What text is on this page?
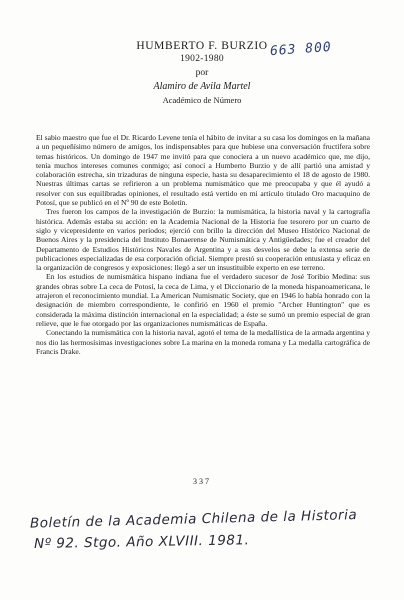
HUMBERTO F. BURZIO
1902-1980
por
Alamiro de Avila Martel
Académico de Número
663 800

El sabio maestro que fue el Dr. Ricardo Levene tenía el hábito de invitar a su casa los domingos en la mañana a un pequeñísimo número de amigos, los indispensables para que hubiese una conversación fructífera sobre temas históricos. Un domingo de 1947 me invitó para que conociera a un nuevo académico que, me dijo, tenía muchos intereses comunes conmigo; así conocí a Humberto Burzio y de allí partió una amistad y colaboración estrecha, sin trizaduras de ninguna especie, hasta su desaparecimiento el 18 de agosto de 1980. Nuestras últimas cartas se refirieron a un problema numismático que me preocupaba y que él ayudó a resolver con sus equilibradas opiniones, el resultado está vertido en mi artículo titulado Oro macuquino de Potosí, que se publicó en el Nº 90 de este Boletín.

Tres fueron los campos de la investigación de Burzio: la numismática, la historia naval y la cartografía histórica. Además estaba su acción: en la Academia Nacional de la Historia fue tesorero por un cuarto de siglo y vicepresidente en varios períodos; ejerció con brillo la dirección del Museo Histórico Nacional de Buenos Aires y la presidencia del Instituto Bonaerense de Numismática y Antigüedades; fue el creador del Departamento de Estudios Históricos Navales de Argentina y a sus desvelos se debe la extensa serie de publicaciones especializadas de esa corporación oficial. Siempre prestó su cooperación entusiasta y eficaz en la organización de congresos y exposiciones: llegó a ser un insustituible experto en ese terreno.

En los estudios de numismática hispano indiana fue el verdadero sucesor de José Toribio Medina: sus grandes obras sobre La ceca de Potosí, la ceca de Lima, y el Diccionario de la moneda hispanoamericana, le atrajeron el reconocimiento mundial. La American Numismatic Society, que en 1946 lo había honrado con la designación de miembro correspondiente, le confirió en 1960 el premio "Archer Huntington" que es considerada la máxima distinción internacional en la especialidad; a éste se sumó un premio especial de gran relieve, que le fue otorgado por las organizaciones numismáticas de España.

Conectando la numismática con la historia naval, agotó el tema de la medallística de la armada argentina y nos dio las hermosísimas investigaciones sobre La marina en la moneda romana y La medalla cartográfica de Francis Drake.

337
Boletín de la Academia Chilena de la Historia
Nº 92. Stgo. Año XLVIII. 1981.
